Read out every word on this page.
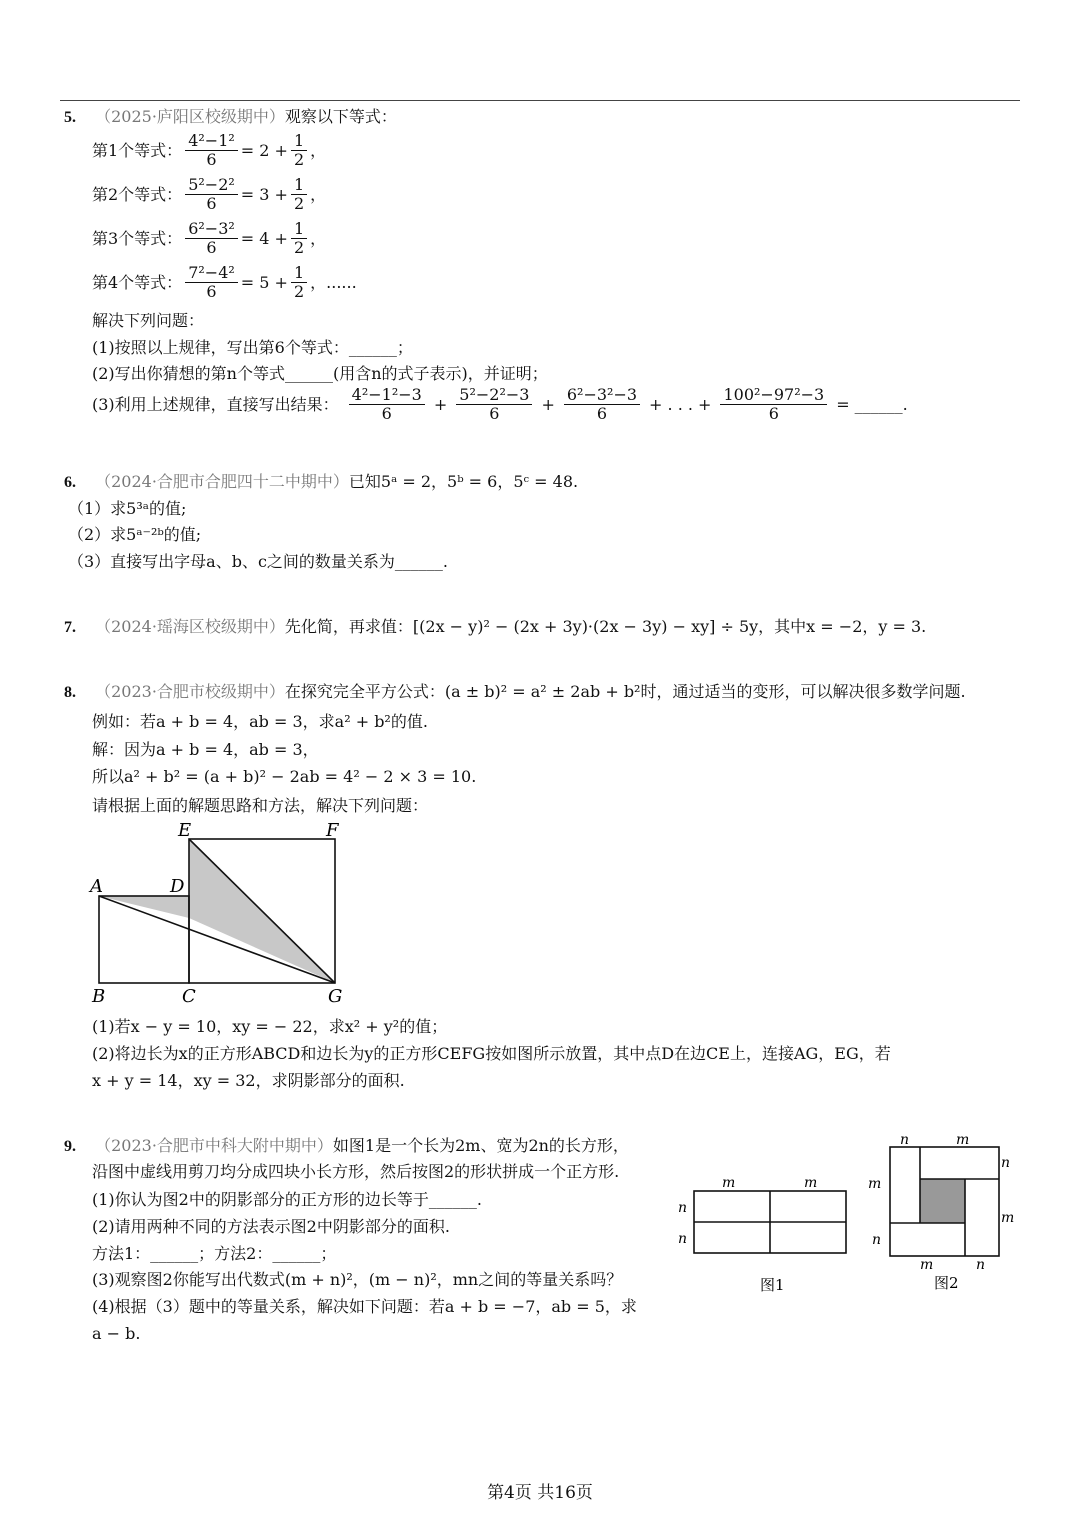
5. （2025·庐阳区校级期中）观察以下等式：
第1个等式： $\frac{\text{4²−1²}}{6} = 2 + \frac{1}{2}$ ，
第2个等式： $\frac{\text{5²−2²}}{6} = 3 + \frac{1}{2}$ ，
第3个等式： $\frac{\text{6²−3²}}{6} = 4 + \frac{1}{2}$ ，
第4个等式： $\frac{\text{7²−4²}}{6} = 5 + \frac{1}{2}$ ，......
解决下列问题：
(1)按照以上规律，写出第6个等式：______；
(2)写出你猜想的第n个等式______(用含n的式子表示)，并证明；
(3)利用上述规律，直接写出结果： $\frac{\text{4²−1²−3}}{6} + \frac{\text{5²−2²−3}}{6} + \frac{\text{6²−3²−3}}{6}$ + . . . + $\frac{\text{100²−97²−3}}{6}$ = ______.
6. （2024·合肥市合肥四十二中期中）已知5ᵃ = 2，5ᵇ = 6，5ᶜ = 48.
（1）求5³ᵃ的值;
（2）求5ᵃ⁻²ᵇ的值;
（3）直接写出字母a、b、c之间的数量关系为______.
7. （2024·瑶海区校级期中）先化简，再求值：[(2x − y)² − (2x + 3y)·(2x − 3y) − xy] ÷ 5y，其中x = −2，y = 3.
8. （2023·合肥市校级期中）在探究完全平方公式：(a ± b)² = a² ± 2ab + b²时，通过适当的变形，可以解决很多数学问题.
例如：若a + b = 4，ab = 3，求a² + b²的值.
解：因为a + b = 4，ab = 3，
所以a² + b² = (a + b)² − 2ab = 4² − 2 × 3 = 10.
请根据上面的解题思路和方法，解决下列问题：
A	D
E	F
B	C	G
(1)若x − y = 10，xy = − 22，求x² + y²的值；
(2)将边长为x的正方形ABCD和边长为y的正方形CEFG按如图所示放置，其中点D在边CE上，连接AG，EG，若
x + y = 14，xy = 32，求阴影部分的面积.
9. （2023·合肥市中科大附中期中）如图1是一个长为2m、宽为2n的长方形，
沿图中虚线用剪刀均分成四块小长方形，然后按图2的形状拼成一个正方形.
(1)你认为图2中的阴影部分的正方形的边长等于______.
(2)请用两种不同的方法表示图2中阴影部分的面积.
方法1：______；方法2：______；
(3)观察图2你能写出代数式(m + n)²，(m − n)²，mn之间的等量关系吗？
(4)根据（3）题中的等量关系，解决如下问题：若a + b = −7，ab = 5，求
a − b.
m	m
n
n
图1
n	m
m
n
n
m
m	n
图2
第4页 共16页
